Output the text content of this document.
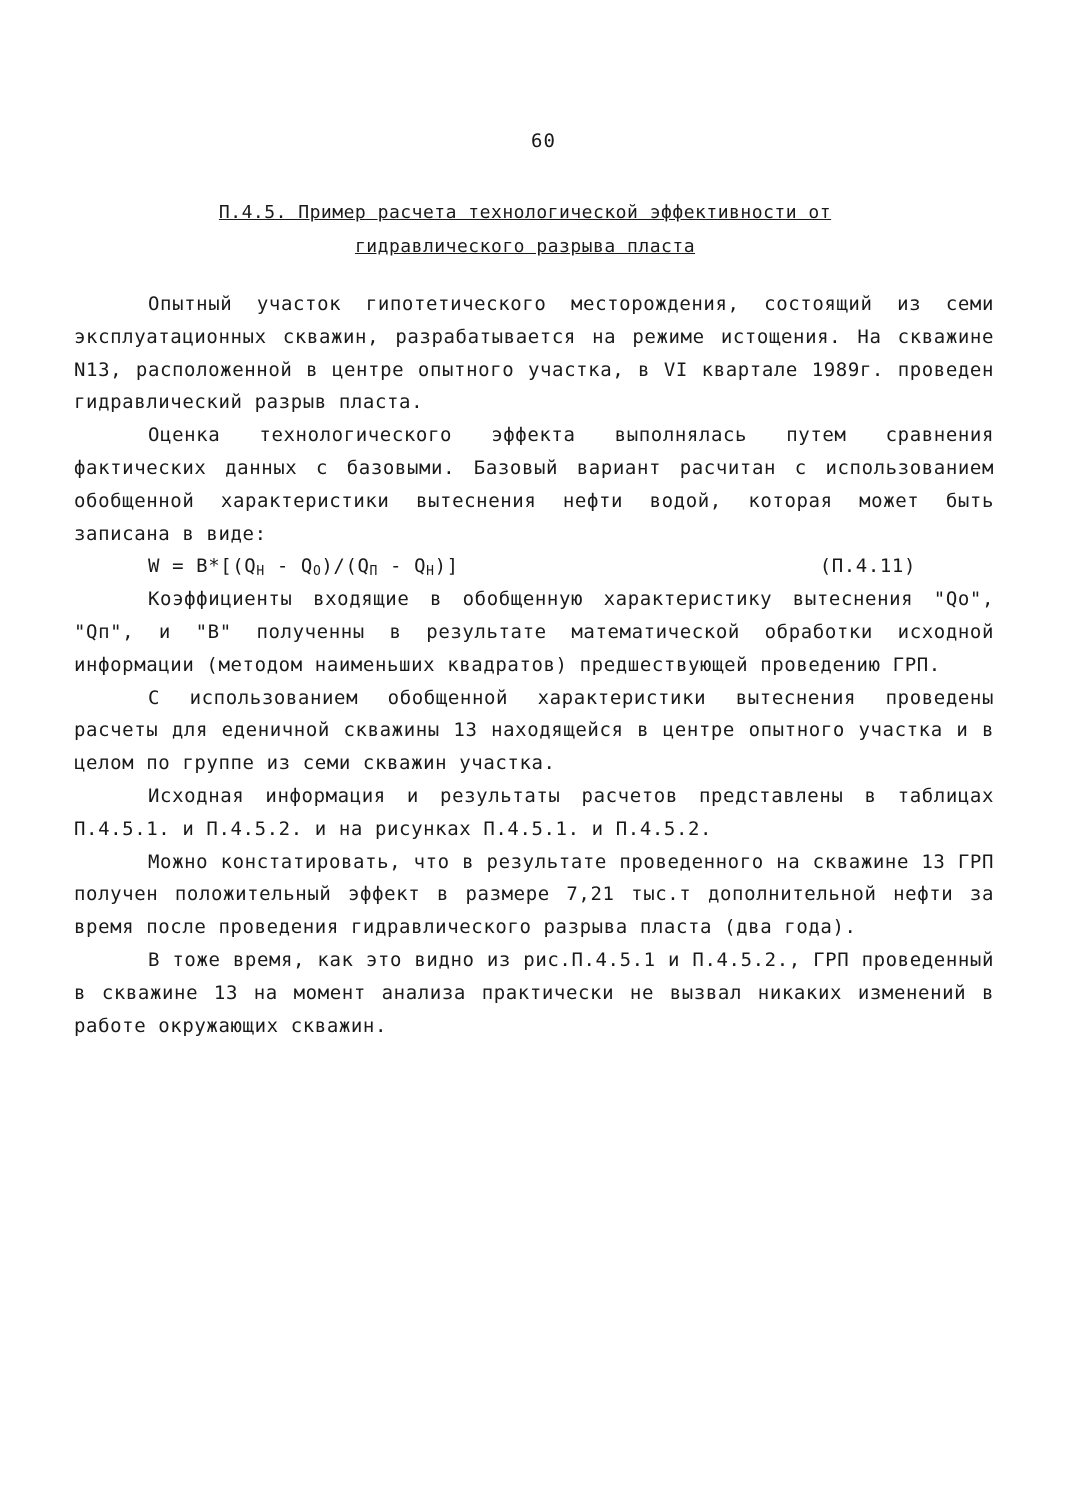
60
П.4.5. Пример расчета технологической эффективности от
гидравлического разрыва пласта

Опытный участок гипотетического месторождения, состоящий из семи эксплуатационных скважин, разрабатывается на режиме истощения. На скважине N13, расположенной в центре опытного участка, в VI квартале 1989г. проведен гидравлический разрыв пласта.

Оценка технологического эффекта выполнялась путем сравнения фактических данных с базовыми. Базовый вариант расчитан с использованием обобщенной характеристики вытеснения нефти водой, которая может быть записана в виде:

$W = B*[(Q_H - Q_O)/(Q_П - Q_H)]$	(П.4.11)

Коэффициенты входящие в обобщенную характеристику вытеснения "Qo", "Qп", и "B" полученны в результате математической обработки исходной информации (методом наименьших квадратов) предшествующей проведению ГРП.

С использованием обобщенной характеристики вытеснения проведены расчеты для еденичной скважины 13 находящейся в центре опытного участка и в целом по группе из семи скважин участка.

Исходная информация и результаты расчетов представлены в таблицах П.4.5.1. и П.4.5.2. и на рисунках П.4.5.1. и П.4.5.2.

Можно констатировать, что в результате проведенного на скважине 13 ГРП получен положительный эффект в размере 7,21 тыс.т дополнительной нефти за время после проведения гидравлического разрыва пласта (два года).

В тоже время, как это видно из рис.П.4.5.1 и П.4.5.2., ГРП проведенный в скважине 13 на момент анализа практически не вызвал никаких изменений в работе окружающих скважин.
